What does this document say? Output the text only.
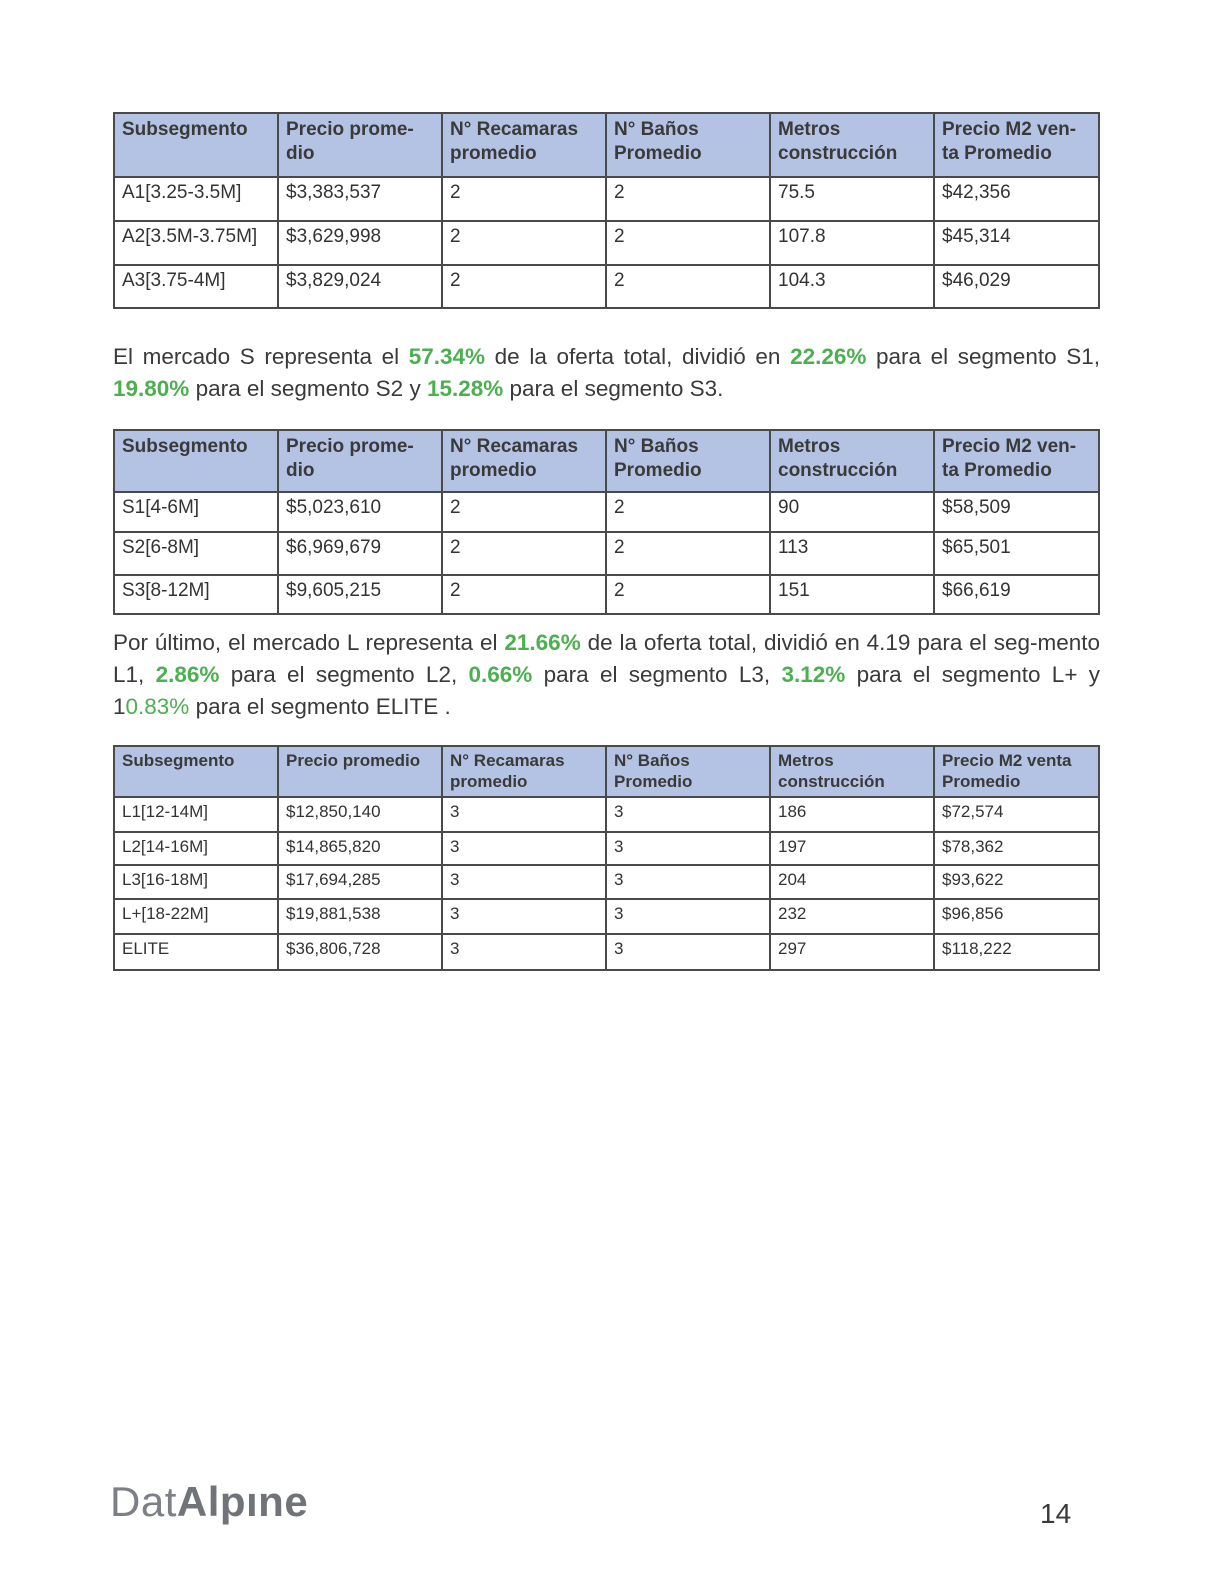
Subsegmento	Precio prome-dio	N° Recamaras promedio	N° Baños Promedio	Metros construcción	Precio M2 ven-ta Promedio
A1[3.25-3.5M]	$3,383,537	2	2	75.5	$42,356
A2[3.5M-3.75M]	$3,629,998	2	2	107.8	$45,314
A3[3.75-4M]	$3,829,024	2	2	104.3	$46,029

El mercado S representa el 57.34% de la oferta total, dividió en 22.26% para el segmento S1, 19.80% para el segmento S2 y 15.28% para el segmento S3.

Subsegmento	Precio prome-dio	N° Recamaras promedio	N° Baños Promedio	Metros construcción	Precio M2 ven-ta Promedio
S1[4-6M]	$5,023,610	2	2	90	$58,509
S2[6-8M]	$6,969,679	2	2	113	$65,501
S3[8-12M]	$9,605,215	2	2	151	$66,619

Por último, el mercado L representa el 21.66% de la oferta total, dividió en 4.19 para el seg-mento L1, 2.86% para el segmento L2, 0.66% para el segmento L3, 3.12% para el segmento L+ y 10.83% para el segmento ELITE .

Subsegmento	Precio promedio	N° Recamaras promedio	N° Baños Promedio	Metros construcción	Precio M2 venta Promedio
L1[12-14M]	$12,850,140	3	3	186	$72,574
L2[14-16M]	$14,865,820	3	3	197	$78,362
L3[16-18M]	$17,694,285	3	3	204	$93,622
L+[18-22M]	$19,881,538	3	3	232	$96,856
ELITE	$36,806,728	3	3	297	$118,222
DatAlpıne	14
